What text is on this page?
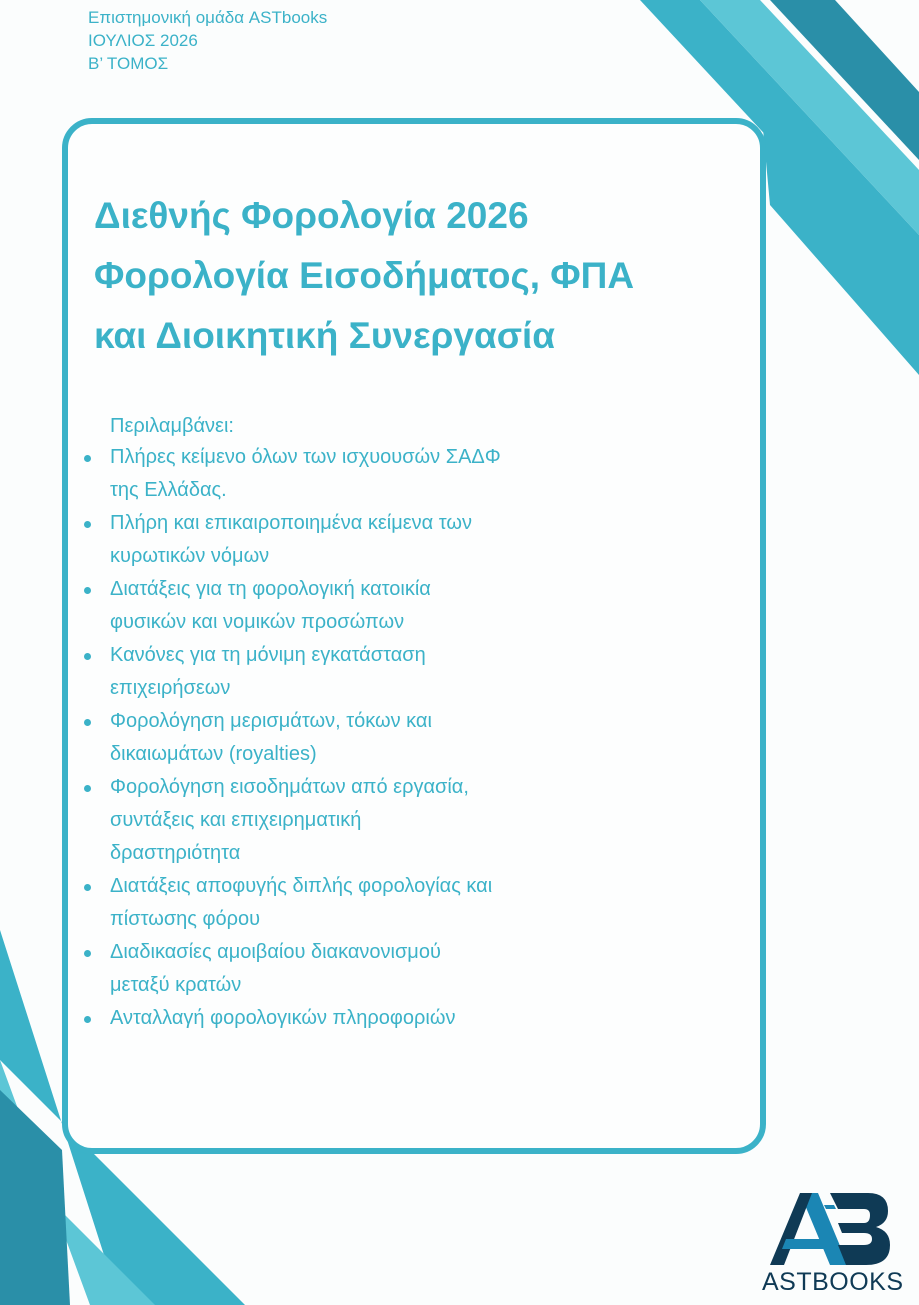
Επιστημονική ομάδα ASTbooks
ΙΟΥΛΙΟΣ 2026
Β’ ΤΟΜΟΣ
Διεθνής Φορολογία 2026
Φορολογία Εισοδήματος, ΦΠΑ
και Διοικητική Συνεργασία
Περιλαμβάνει:
Πλήρες κείμενο όλων των ισχυουσών ΣΑΔΦ
της Ελλάδας.
Πλήρη και επικαιροποιημένα κείμενα των
κυρωτικών νόμων
Διατάξεις για τη φορολογική κατοικία
φυσικών και νομικών προσώπων
Κανόνες για τη μόνιμη εγκατάσταση
επιχειρήσεων
Φορολόγηση μερισμάτων, τόκων και
δικαιωμάτων (royalties)
Φορολόγηση εισοδημάτων από εργασία,
συντάξεις και επιχειρηματική
δραστηριότητα
Διατάξεις αποφυγής διπλής φορολογίας και
πίστωσης φόρου
Διαδικασίες αμοιβαίου διακανονισμού
μεταξύ κρατών
Ανταλλαγή φορολογικών πληροφοριών
ASTBOOKS
